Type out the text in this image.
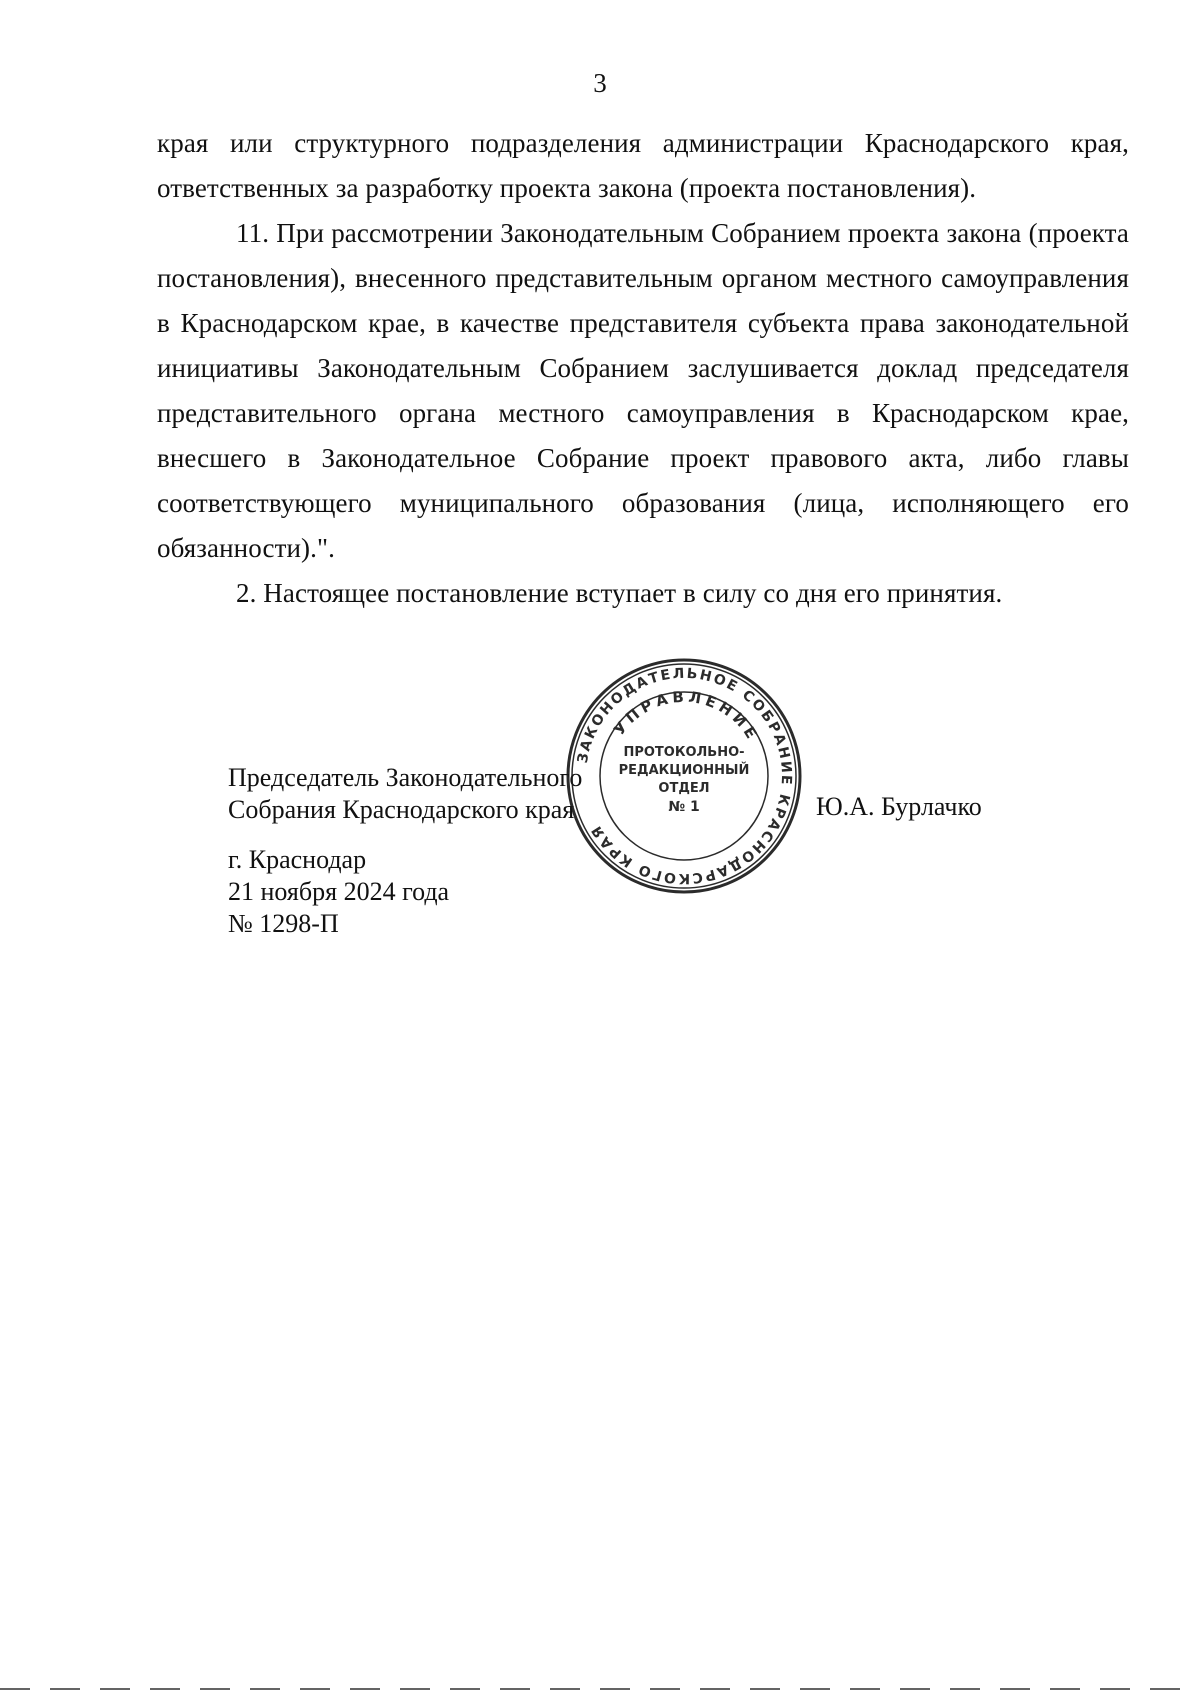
3

края или структурного подразделения администрации Краснодарского края, ответственных за разработку проекта закона (проекта постановления).

11. При рассмотрении Законодательным Собранием проекта закона (проекта постановления), внесенного представительным органом местного самоуправления в Краснодарском крае, в качестве представителя субъекта права законодательной инициативы Законодательным Собранием заслушивается доклад председателя представительного органа местного самоуправления в Краснодарском крае, внесшего в Законодательное Собрание проект правового акта, либо главы соответствующего муниципального образования (лица, исполняющего его обязанности).".

2. Настоящее постановление вступает в силу со дня его принятия.

Председатель Законодательного
Собрания Краснодарского края	Ю.А. Бурлачко
г. Краснодар
21 ноября 2024 года
№ 1298-П
ЗАКОНОДАТЕЛЬНОЕ СОБРАНИЕ КРАСНОДАРСКОГО КРАЯ
УПРАВЛЕНИЕ
ПРОТОКОЛЬНО-
РЕДАКЦИОННЫЙ
ОТДЕЛ
№ 1
